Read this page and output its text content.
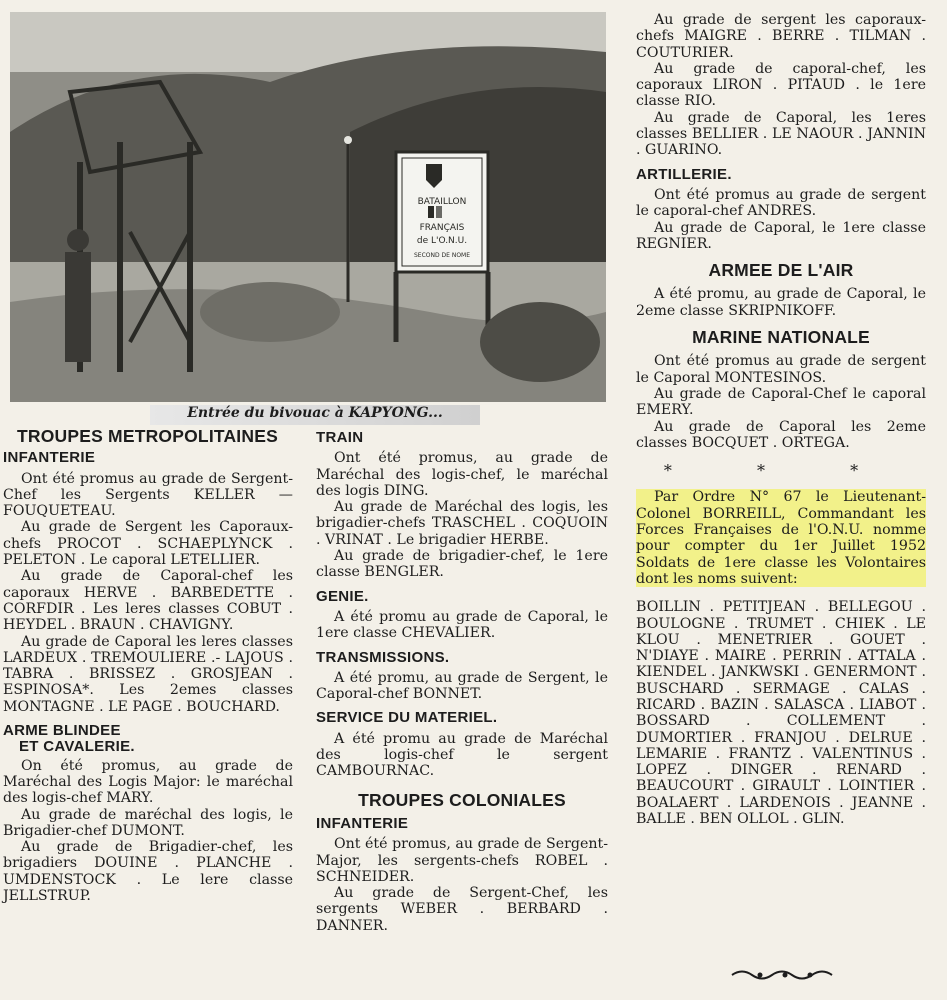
BATAILLON
FRANÇAIS
de L'O.N.U.
SECOND DE NOME
Entrée du bivouac à KAPYONG...
TROUPES METROPOLITAINES
INFANTERIE

Ont été promus au grade de Sergent-Chef les Sergents KELLER — FOUQUETEAU.

Au grade de Sergent les Caporaux-chefs PROCOT . SCHAEPLYNCK . PELETON . Le caporal LETELLIER.

Au grade de Caporal-chef les caporaux HERVE . BARBEDETTE . CORFDIR . Les leres classes COBUT . HEYDEL . BRAUN . CHAVIGNY.

Au grade de Caporal les leres classes LARDEUX . TREMOULIERE .- LAJOUS . TABRA . BRISSEZ . GROSJEAN . ESPINOSA*. Les 2emes classes MONTAGNE . LE PAGE . BOUCHARD.

ARME BLINDEE
ET CAVALERIE.

On été promus, au grade de Maréchal des Logis Major: le maréchal des logis-chef MARY.

Au grade de maréchal des logis, le Brigadier-chef DUMONT.

Au grade de Brigadier-chef, les brigadiers DOUINE . PLANCHE . UMDENSTOCK . Le lere classe JELLSTRUP.

TRAIN

Ont été promus, au grade de Maréchal des logis-chef, le maréchal des logis DING.

Au grade de Maréchal des logis, les brigadier-chefs TRASCHEL . COQUOIN . VRINAT . Le brigadier HERBE.

Au grade de brigadier-chef, le 1ere classe BENGLER.

GENIE.

A été promu au grade de Caporal, le 1ere classe CHEVALIER.

TRANSMISSIONS.

A été promu, au grade de Sergent, le Caporal-chef BONNET.

SERVICE DU MATERIEL.

A été promu au grade de Maréchal des logis-chef le sergent CAMBOURNAC.

TROUPES COLONIALES
INFANTERIE

Ont été promus, au grade de Sergent-Major, les sergents-chefs ROBEL . SCHNEIDER.

Au grade de Sergent-Chef, les sergents WEBER . BERBARD . DANNER.

Au grade de sergent les caporaux-chefs MAIGRE . BERRE . TILMAN . COUTURIER.

Au grade de caporal-chef, les caporaux LIRON . PITAUD . le 1ere classe RIO.

Au grade de Caporal, les 1eres classes BELLIER . LE NAOUR . JANNIN . GUARINO.

ARTILLERIE.

Ont été promus au grade de sergent le caporal-chef ANDRES.

Au grade de Caporal, le 1ere classe REGNIER.

ARMEE DE L'AIR

A été promu, au grade de Caporal, le 2eme classe SKRIPNIKOFF.

MARINE NATIONALE

Ont été promus au grade de sergent le Caporal MONTESINOS.

Au grade de Caporal-Chef le caporal EMERY.

Au grade de Caporal les 2eme classes BOCQUET . ORTEGA.

* * *

Par Ordre N° 67 le Lieutenant-Colonel BORREILL, Commandant les Forces Françaises de l'O.N.U. nomme pour compter du 1er Juillet 1952 Soldats de 1ere classe les Volontaires dont les noms suivent:

BOILLIN . PETITJEAN . BELLEGOU . BOULOGNE . TRUMET . CHIEK . LE KLOU . MENETRIER . GOUET . N'DIAYE . MAIRE . PERRIN . ATTALA . KIENDEL . JANKWSKI . GENERMONT . BUSCHARD . SERMAGE . CALAS . RICARD . BAZIN . SALASCA . LIABOT . BOSSARD . COLLEMENT . DUMORTIER . FRANJOU . DELRUE . LEMARIE . FRANTZ . VALENTINUS . LOPEZ . DINGER . RENARD . BEAUCOURT . GIRAULT . LOINTIER . BOALAERT . LARDENOIS . JEANNE . BALLE . BEN OLLOL . GLIN.
